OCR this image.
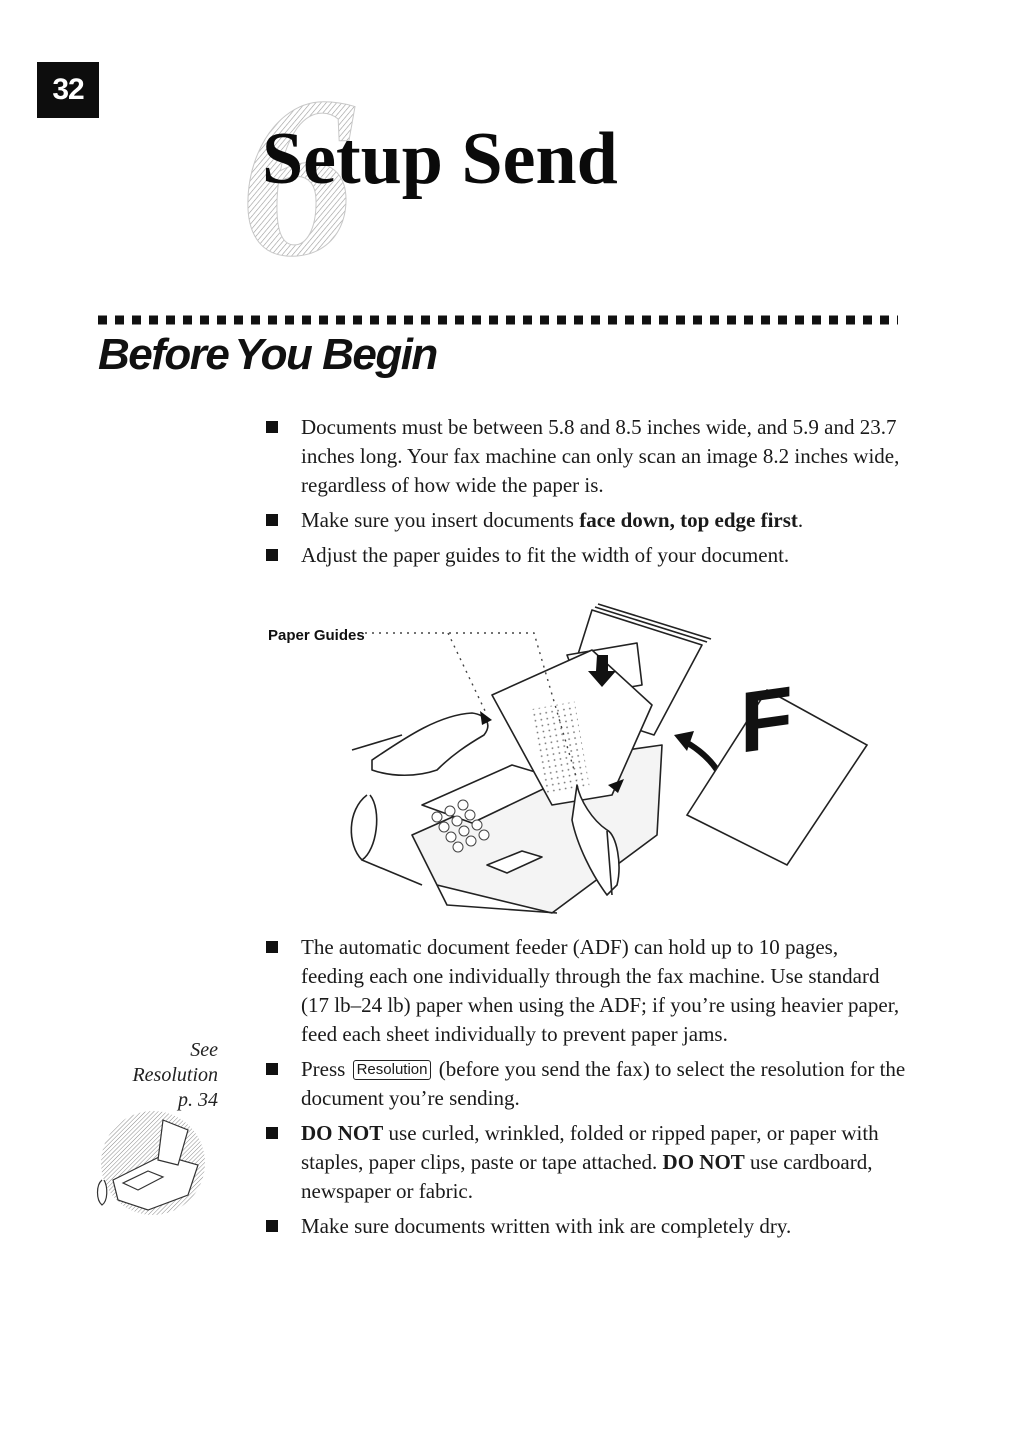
32 6
Setup Send
Before You Begin
Documents must be between 5.8 and 8.5 inches wide, and 5.9 and 23.7 inches long. Your fax machine can only scan an image 8.2 inches wide, regardless of how wide the paper is.
Make sure you insert documents face down, top edge first.
Adjust the paper guides to fit the width of your document.
F
Paper Guides
The automatic document feeder (ADF) can hold up to 10 pages, feeding each one individually through the fax machine. Use standard (17 lb–24 lb) paper when using the ADF; if you’re using heavier paper, feed each sheet individually to prevent paper jams.
Press Resolution (before you send the fax) to select the resolution for the document you’re sending.
DO NOT use curled, wrinkled, folded or ripped paper, or paper with staples, paper clips, paste or tape attached. DO NOT use cardboard, newspaper or fabric.
Make sure documents written with ink are completely dry.
See
Resolution
p. 34
